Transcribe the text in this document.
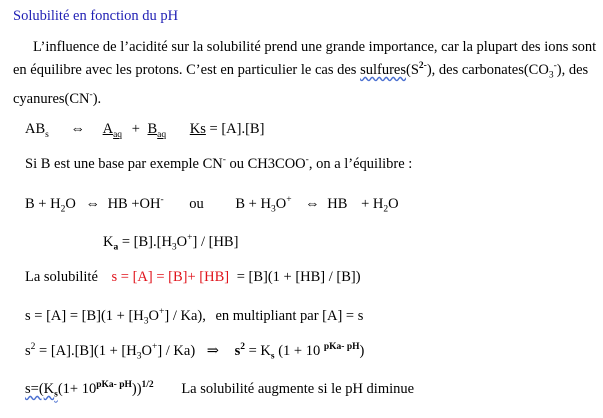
Solubilité en fonction du pH
L’influence de l’acidité sur la solubilité prend une grande importance, car la plupart des ions sont en équilibre avec les protons. C’est en particulier le cas des $sulfures(S^{2-})$, des $carbonates(CO_3^-)$, des cyanures(CN-).
$AB_s$ ⇔ $A_{aq} + B_{aq}$ Ks = [A].[B]
Si B est une base par exemple CN- ou CH3COO-, on a l’équilibre :
$B + H_2O$ ⇔ HB +OH- ou $B + H_3O^+$ ⇔ HB + $H_2O$
$K_a = [B].[H_3O^+] / [HB]$
La solubilité s = [A] = [B]+ [HB] = [B](1 + [HB] / [B])
$s = [A] = [B](1 + [H_3O^+] / Ka)$, en multipliant par [A] = s
$s^2 = [A].[B](1 + [H_3O^+] / Ka)$ ⇒ $s^2 = K_s$ (1 + 10 $^{pKa- pH}$)
$s=(K_s(1+ 10^{pKa- pH}))^{1/2}$ La solubilité augmente si le pH diminue
